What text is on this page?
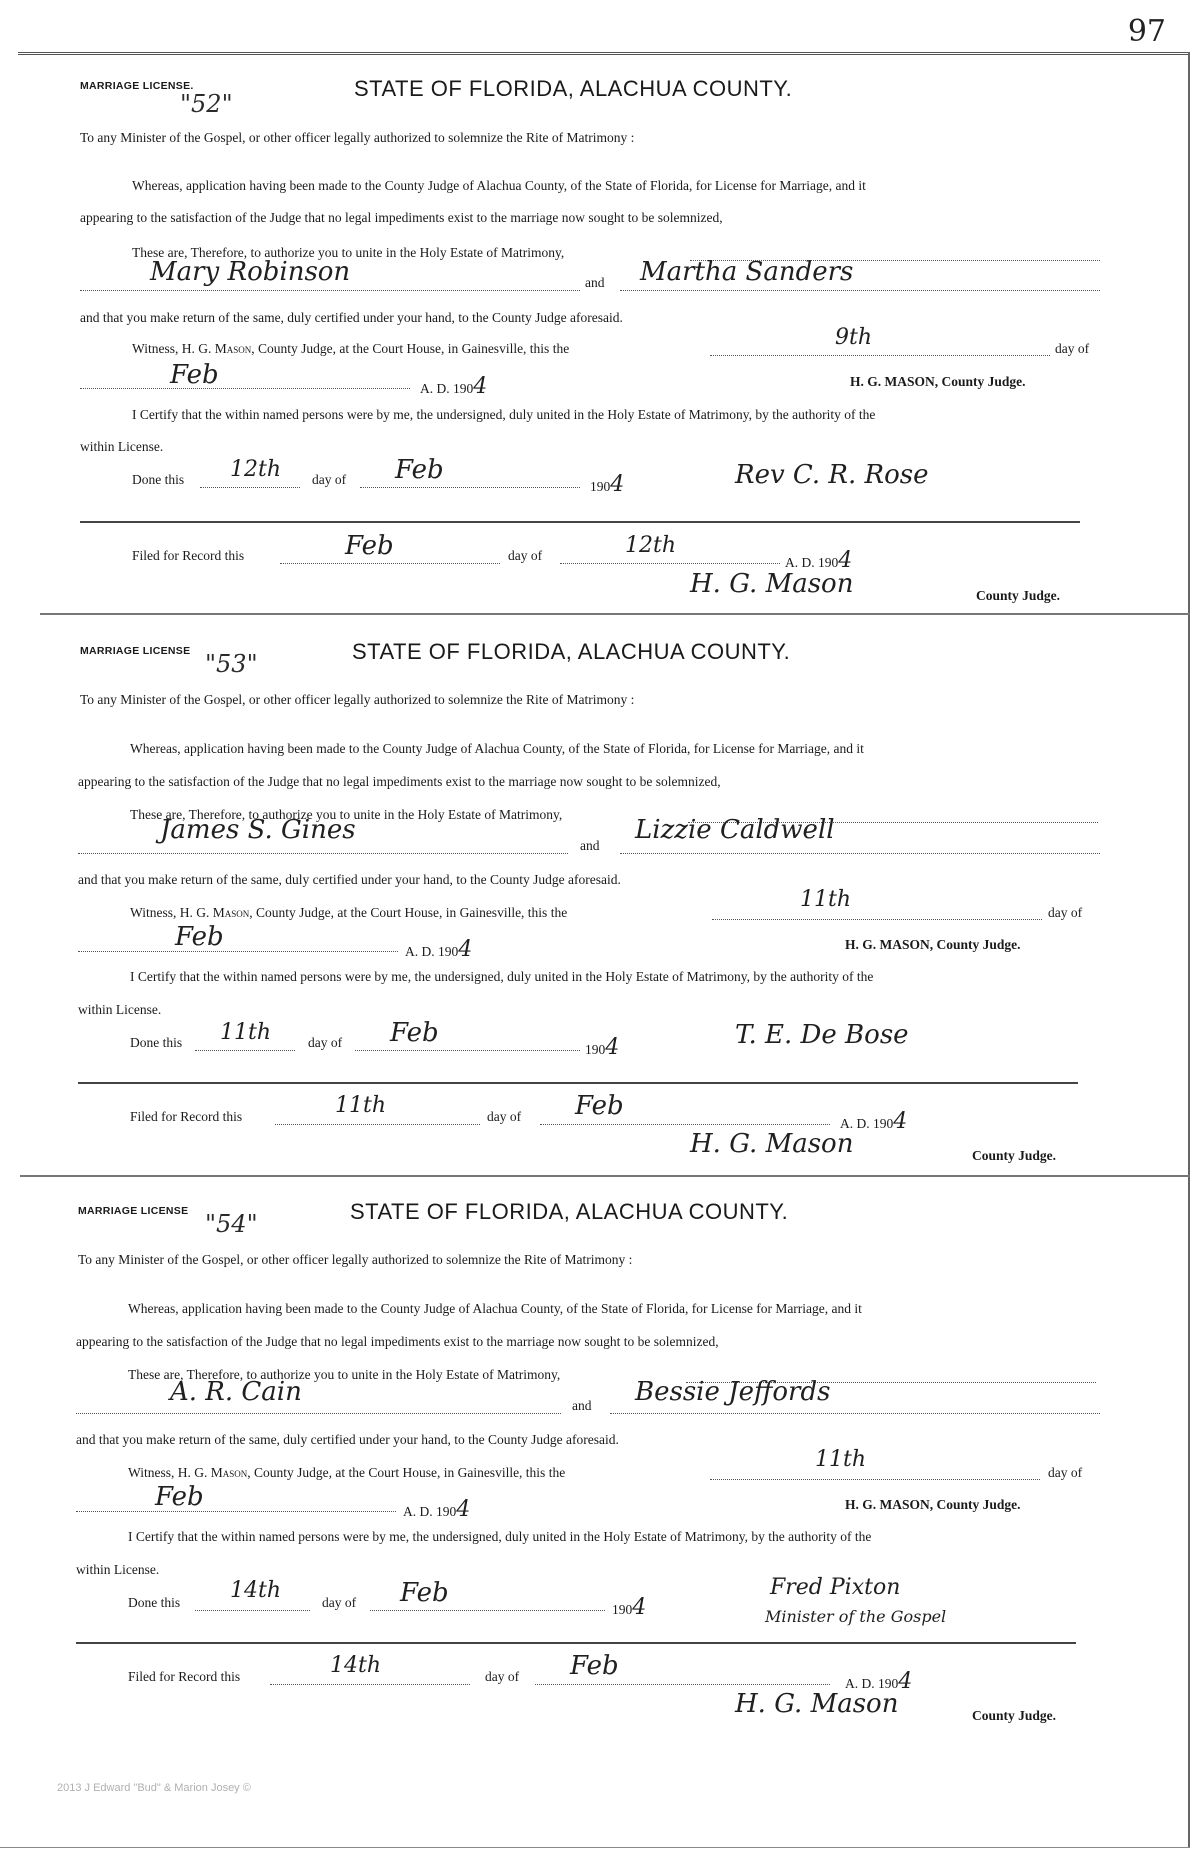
97
MARRIAGE LICENSE.
"52"
STATE OF FLORIDA, ALACHUA COUNTY.
To any Minister of the Gospel, or other officer legally authorized to solemnize the Rite of Matrimony :
Whereas, application having been made to the County Judge of Alachua County, of the State of Florida, for License for Marriage, and it
appearing to the satisfaction of the Judge that no legal impediments exist to the marriage now sought to be solemnized,
These are, Therefore, to authorize you to unite in the Holy Estate of Matrimony,
Mary Robinson	and Martha Sanders
and that you make return of the same, duly certified under your hand, to the County Judge aforesaid.
Witness, H. G. Mason, County Judge, at the Court House, in Gainesville, this the	9th	day of
Feb	A. D. 1904	H. G. MASON, County Judge.
I Certify that the within named persons were by me, the undersigned, duly united in the Holy Estate of Matrimony, by the authority of the
within License.
Done this 12th day of Feb
1904	Rev C. R. Rose
Filed for Record this	Feb	day of	12th
A. D. 1904
H. G. Mason	County Judge.
MARRIAGE LICENSE "53"	STATE OF FLORIDA, ALACHUA COUNTY.
To any Minister of the Gospel, or other officer legally authorized to solemnize the Rite of Matrimony :
Whereas, application having been made to the County Judge of Alachua County, of the State of Florida, for License for Marriage, and it
appearing to the satisfaction of the Judge that no legal impediments exist to the marriage now sought to be solemnized,
These are, Therefore, to authorize you to unite in the Holy Estate of Matrimony,
James S. Gines
and
Lizzie Caldwell
and that you make return of the same, duly certified under your hand, to the County Judge aforesaid.
Witness, H. G. Mason, County Judge, at the Court House, in Gainesville, this the
11th
day of
Feb	A. D. 1904	H. G. MASON, County Judge.
I Certify that the within named persons were by me, the undersigned, duly united in the Holy Estate of Matrimony, by the authority of the
within License.
Done this 11th	day of Feb
1904	T. E. De Bose
Filed for Record this	11th	day of Feb
A. D. 1904
H. G. Mason	County Judge.
MARRIAGE LICENSE "54"	STATE OF FLORIDA, ALACHUA COUNTY.
To any Minister of the Gospel, or other officer legally authorized to solemnize the Rite of Matrimony :
Whereas, application having been made to the County Judge of Alachua County, of the State of Florida, for License for Marriage, and it
appearing to the satisfaction of the Judge that no legal impediments exist to the marriage now sought to be solemnized,
These are, Therefore, to authorize you to unite in the Holy Estate of Matrimony,
A. R. Cain	and Bessie Jeffords
and that you make return of the same, duly certified under your hand, to the County Judge aforesaid.
Witness, H. G. Mason, County Judge, at the Court House, in Gainesville, this the
11th
day of
Feb	A. D. 1904	H. G. MASON, County Judge.
I Certify that the within named persons were by me, the undersigned, duly united in the Holy Estate of Matrimony, by the authority of the
within License.
Done this 14th	day of Feb
1904
Fred Pixton
Minister of the Gospel
Filed for Record this	14th	day of Feb
A. D. 1904
H. G. Mason	County Judge.
2013 J Edward "Bud" & Marion Josey ©
